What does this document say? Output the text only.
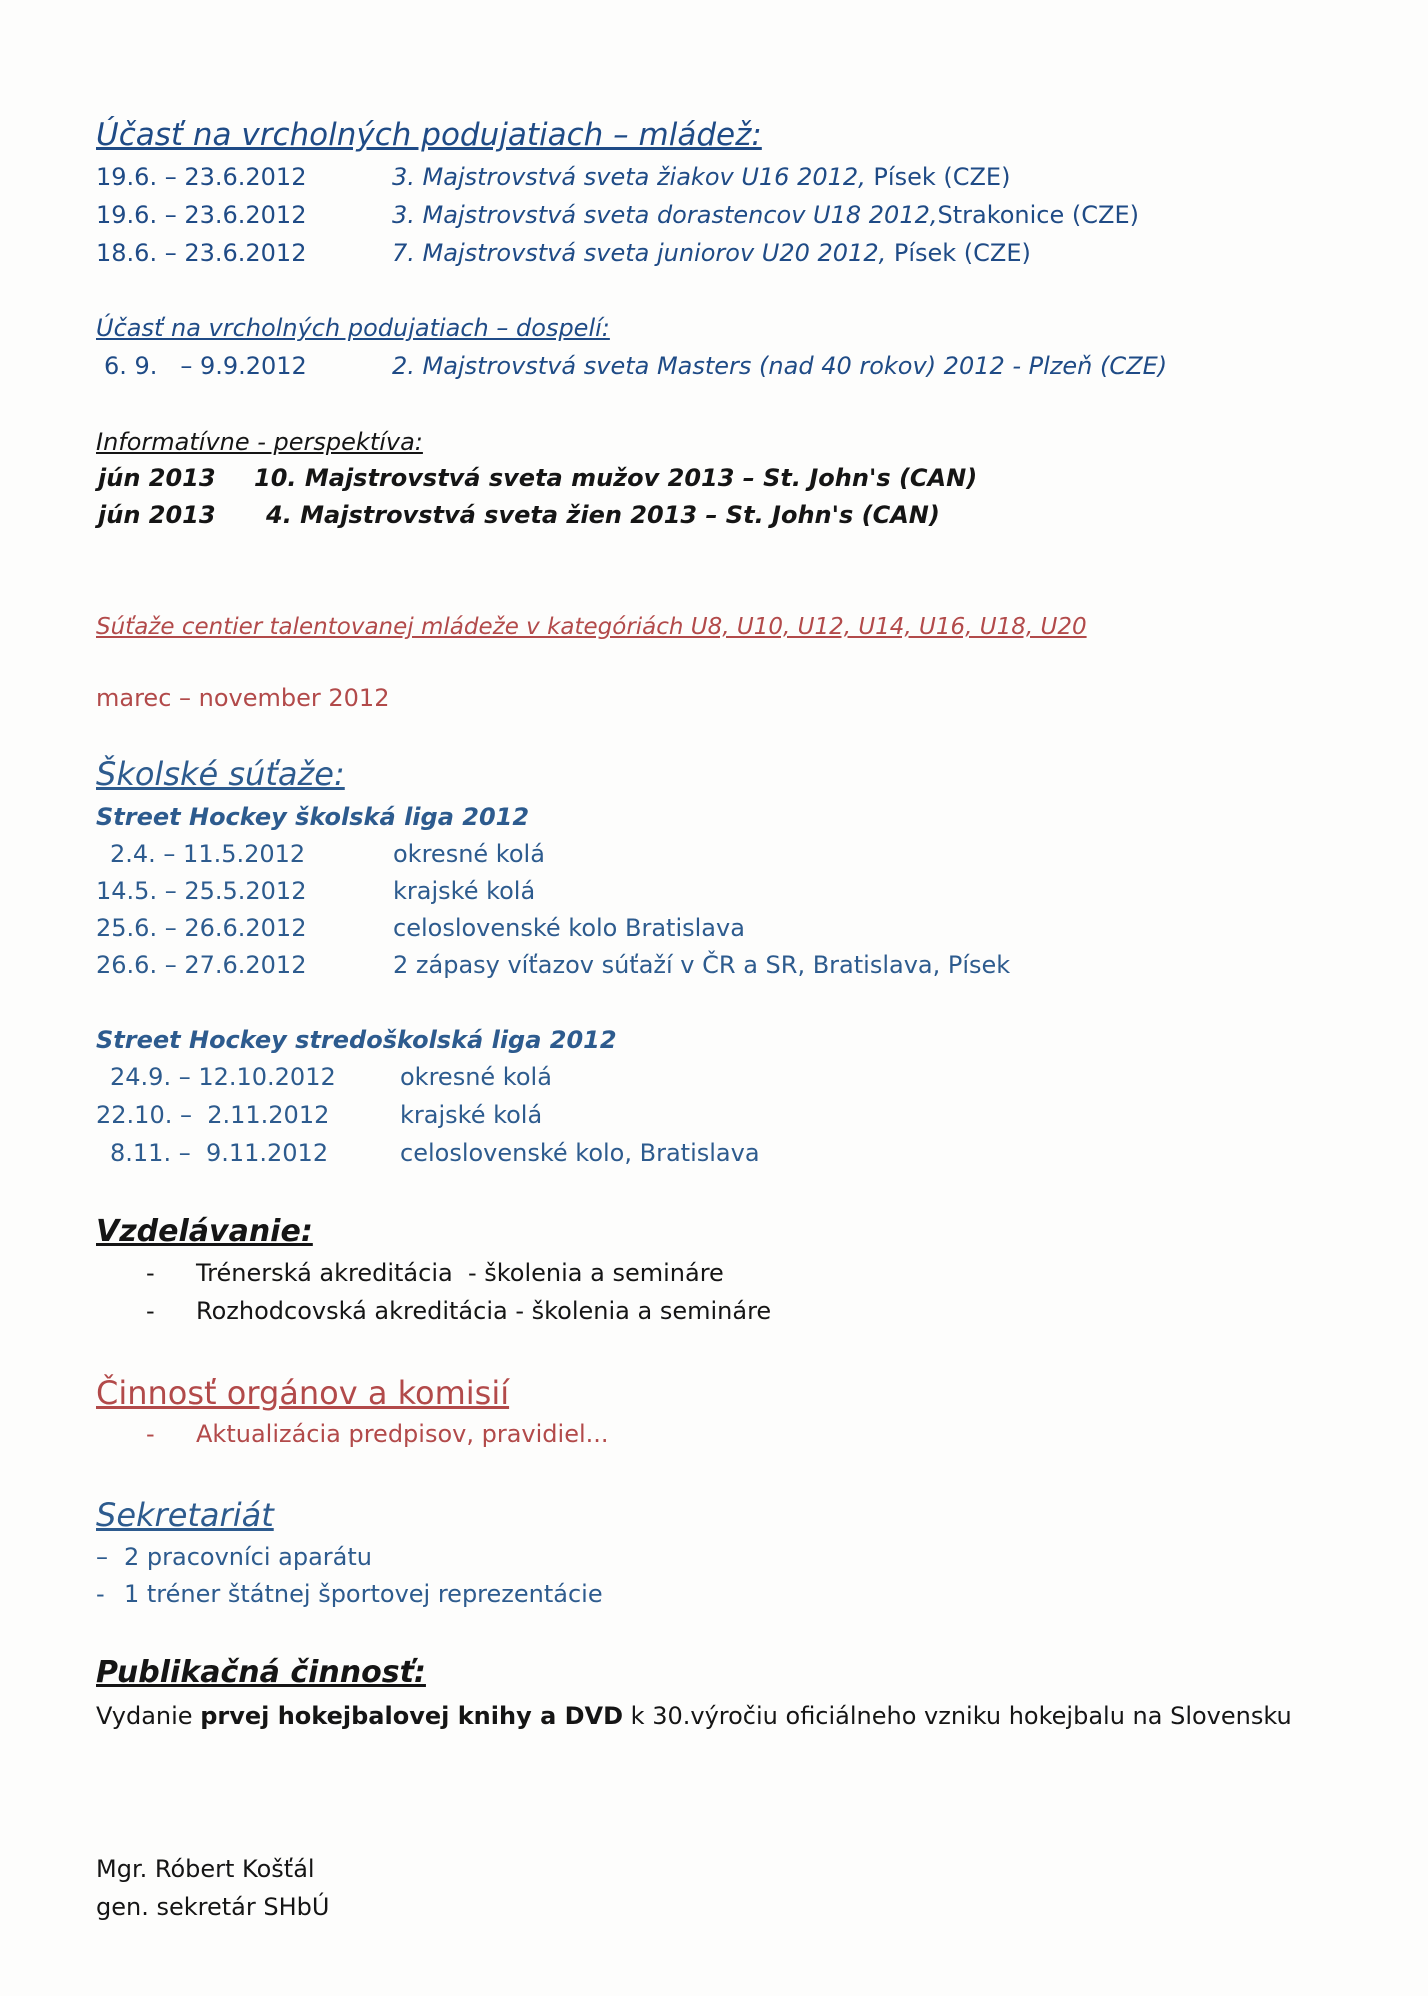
Účasť na vrcholných podujatiach – mládež:
19.6. – 23.6.2012	3. Majstrovstvá sveta žiakov U16 2012, Písek (CZE)
19.6. – 23.6.2012	3. Majstrovstvá sveta dorastencov U18 2012,Strakonice (CZE)
18.6. – 23.6.2012	7. Majstrovstvá sveta juniorov U20 2012, Písek (CZE)
Účasť na vrcholných podujatiach – dospelí:
6. 9.   – 9.9.2012	2. Majstrovstvá sveta Masters (nad 40 rokov) 2012 - Plzeň (CZE)
Informatívne - perspektíva:
jún 2013 10. Majstrovstvá sveta mužov 2013 – St. John's (CAN)
jún 2013 4. Majstrovstvá sveta žien 2013 – St. John's (CAN)
Súťaže centier talentovanej mládeže v kategóriách U8, U10, U12, U14, U16, U18, U20
marec – november 2012
Školské súťaže:
Street Hockey školská liga 2012
2.4. – 11.5.2012	okresné kolá
14.5. – 25.5.2012	krajské kolá
25.6. – 26.6.2012	celoslovenské kolo Bratislava
26.6. – 27.6.2012	2 zápasy víťazov súťaží v ČR a SR, Bratislava, Písek
Street Hockey stredoškolská liga 2012
24.9. – 12.10.2012	okresné kolá
22.10. –  2.11.2012	krajské kolá
8.11. –  9.11.2012	celoslovenské kolo, Bratislava
Vzdelávanie:
- Trénerská akreditácia  - školenia a semináre
- Rozhodcovská akreditácia - školenia a semináre
Činnosť orgánov a komisií
- Aktualizácia predpisov, pravidiel...
Sekretariát
– 2 pracovníci aparátu
- 1 tréner štátnej športovej reprezentácie
Publikačná činnosť:
Vydanie prvej hokejbalovej knihy a DVD k 30.výročiu oficiálneho vzniku hokejbalu na Slovensku
Mgr. Róbert Košťál
gen. sekretár SHbÚ
